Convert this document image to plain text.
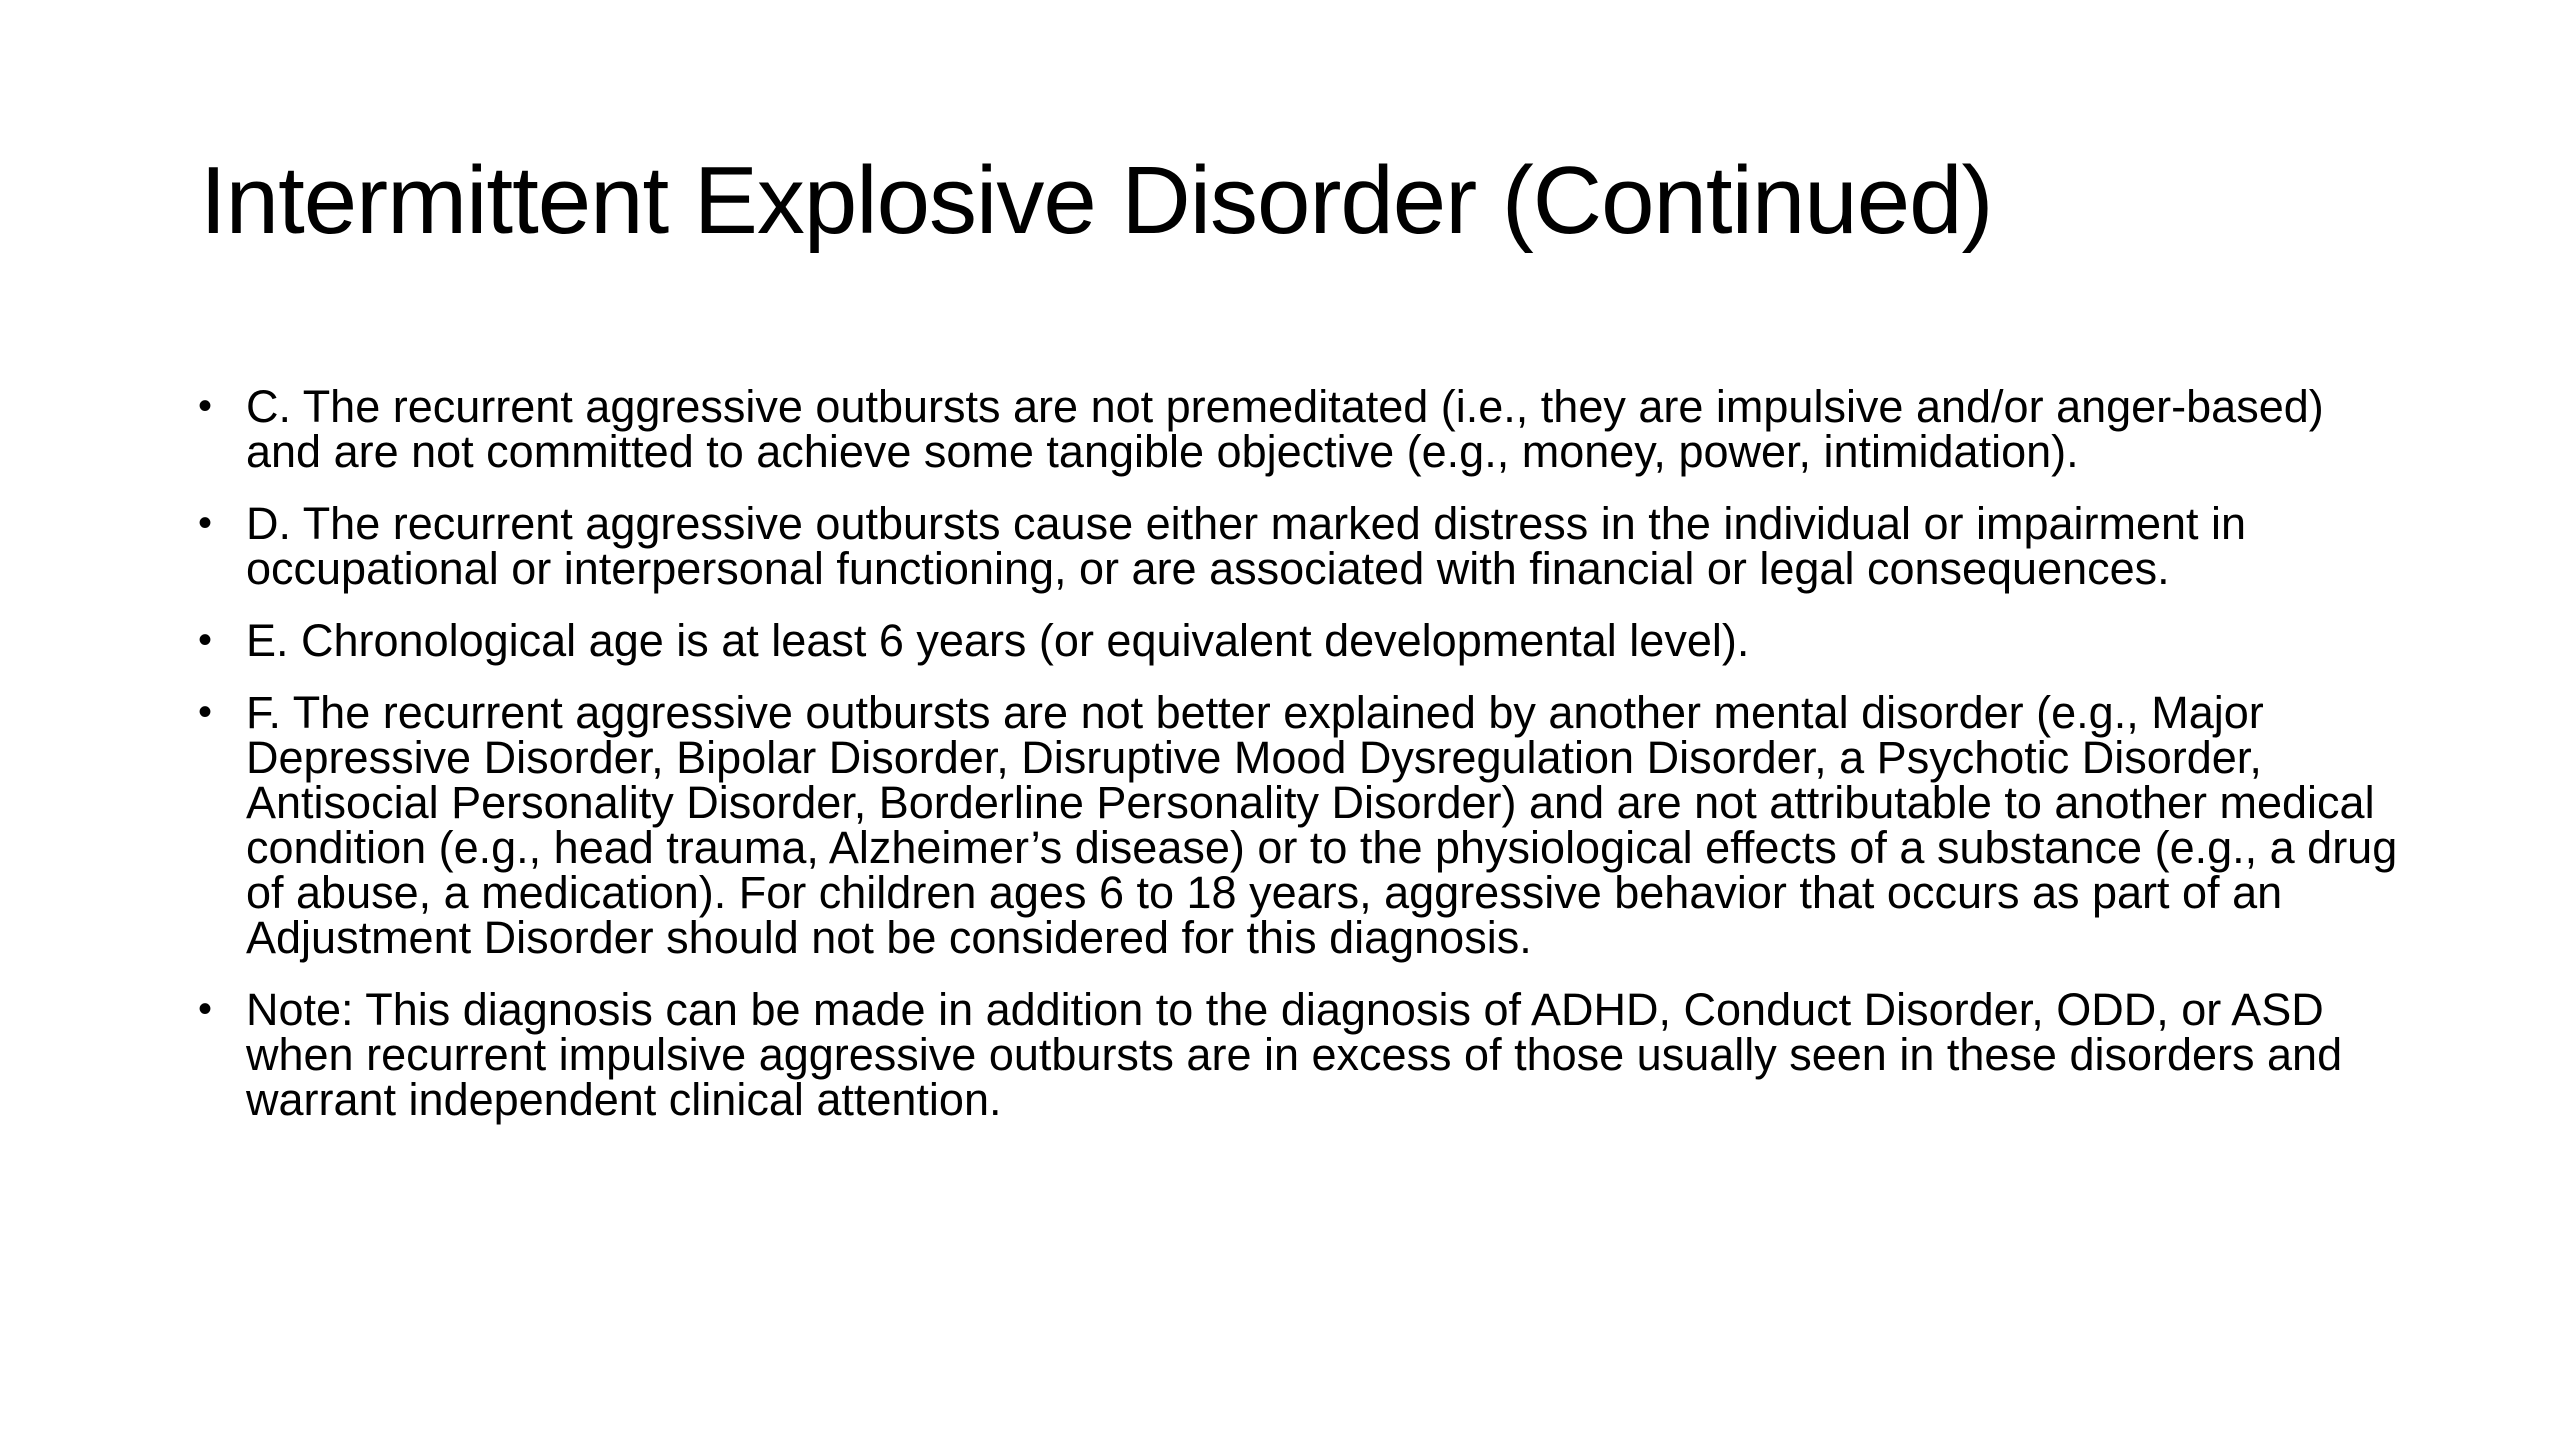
Intermittent Explosive Disorder (Continued)
• C. The recurrent aggressive outbursts are not premeditated (i.e., they are impulsive and/or anger-based) and are not committed to achieve some tangible objective (e.g., money, power, intimidation).
• D. The recurrent aggressive outbursts cause either marked distress in the individual or impairment in occupational or interpersonal functioning, or are associated with financial or legal consequences.
• E. Chronological age is at least 6 years (or equivalent developmental level).
• F. The recurrent aggressive outbursts are not better explained by another mental disorder (e.g., Major Depressive Disorder, Bipolar Disorder, Disruptive Mood Dysregulation Disorder, a Psychotic Disorder, Antisocial Personality Disorder, Borderline Personality Disorder) and are not attributable to another medical condition (e.g., head trauma, Alzheimer’s disease) or to the physiological effects of a substance (e.g., a drug of abuse, a medication). For children ages 6 to 18 years, aggressive behavior that occurs as part of an Adjustment Disorder should not be considered for this diagnosis.
• Note: This diagnosis can be made in addition to the diagnosis of ADHD, Conduct Disorder, ODD, or ASD when recurrent impulsive aggressive outbursts are in excess of those usually seen in these disorders and warrant independent clinical attention.
